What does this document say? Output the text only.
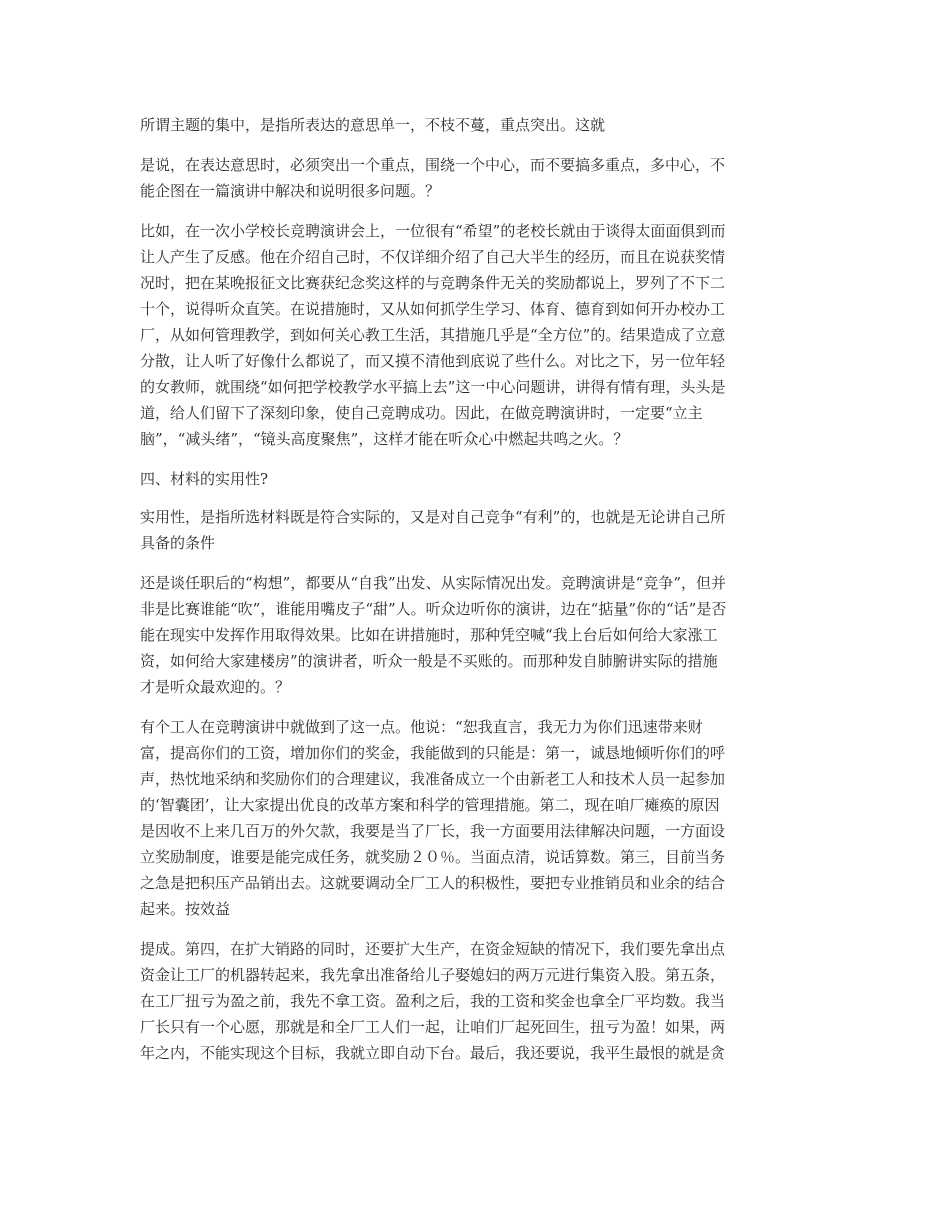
所谓主题的集中，是指所表达的意思单一，不枝不蔓，重点突出。这就

是说，在表达意思时，必须突出一个重点，围绕一个中心，而不要搞多重点，多中心，不
能企图在一篇演讲中解决和说明很多问题。？

比如，在一次小学校长竞聘演讲会上，一位很有“希望”的老校长就由于谈得太面面俱到而
让人产生了反感。他在介绍自己时，不仅详细介绍了自己大半生的经历，而且在说获奖情
况时，把在某晚报征文比赛获纪念奖这样的与竞聘条件无关的奖励都说上，罗列了不下二
十个，说得听众直笑。在说措施时，又从如何抓学生学习、体育、德育到如何开办校办工
厂，从如何管理教学，到如何关心教工生活，其措施几乎是“全方位”的。结果造成了立意
分散，让人听了好像什么都说了，而又摸不清他到底说了些什么。对比之下，另一位年轻
的女教师，就围绕“如何把学校教学水平搞上去”这一中心问题讲，讲得有情有理，头头是
道，给人们留下了深刻印象，使自己竞聘成功。因此，在做竞聘演讲时，一定要“立主
脑”，“减头绪”，“镜头高度聚焦”，这样才能在听众心中燃起共鸣之火。？

四、材料的实用性?

实用性，是指所选材料既是符合实际的，又是对自己竞争“有利”的，也就是无论讲自己所
具备的条件

还是谈任职后的“构想”，都要从“自我”出发、从实际情况出发。竞聘演讲是“竞争”，但并
非是比赛谁能“吹”，谁能用嘴皮子“甜”人。听众边听你的演讲，边在“掂量”你的“话”是否
能在现实中发挥作用取得效果。比如在讲措施时，那种凭空喊“我上台后如何给大家涨工
资，如何给大家建楼房”的演讲者，听众一般是不买账的。而那种发自肺腑讲实际的措施
才是听众最欢迎的。？

有个工人在竞聘演讲中就做到了这一点。他说：“恕我直言，我无力为你们迅速带来财
富，提高你们的工资，增加你们的奖金，我能做到的只能是：第一，诚恳地倾听你们的呼
声，热忱地采纳和奖励你们的合理建议，我准备成立一个由新老工人和技术人员一起参加
的‘智囊团’，让大家提出优良的改革方案和科学的管理措施。第二，现在咱厂瘫痪的原因
是因收不上来几百万的外欠款，我要是当了厂长，我一方面要用法律解决问题，一方面设
立奖励制度，谁要是能完成任务，就奖励２０％。当面点清，说话算数。第三，目前当务
之急是把积压产品销出去。这就要调动全厂工人的积极性，要把专业推销员和业余的结合
起来。按效益

提成。第四，在扩大销路的同时，还要扩大生产，在资金短缺的情况下，我们要先拿出点
资金让工厂的机器转起来，我先拿出准备给儿子娶媳妇的两万元进行集资入股。第五条，
在工厂扭亏为盈之前，我先不拿工资。盈利之后，我的工资和奖金也拿全厂平均数。我当
厂长只有一个心愿，那就是和全厂工人们一起，让咱们厂起死回生，扭亏为盈！如果，两
年之内，不能实现这个目标，我就立即自动下台。最后，我还要说，我平生最恨的就是贪
